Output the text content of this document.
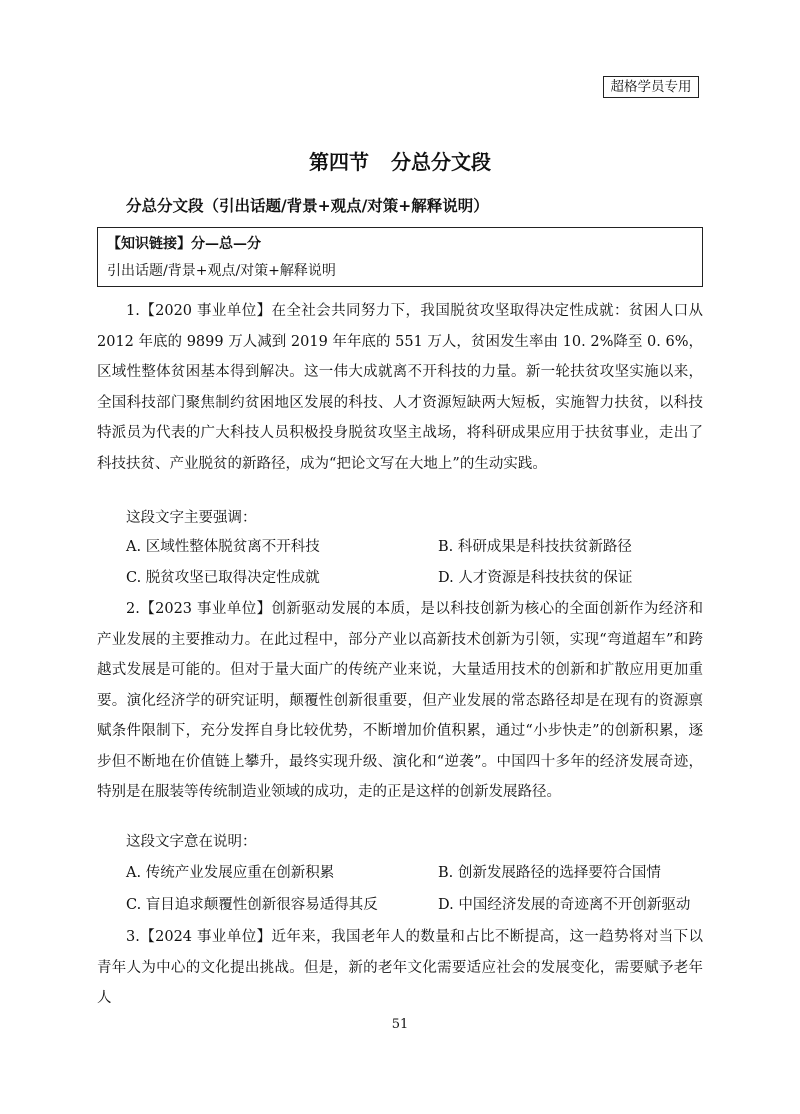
超格学员专用
第四节 分总分文段
分总分文段（引出话题/背景+观点/对策+解释说明）
【知识链接】分—总—分
引出话题/背景+观点/对策+解释说明

1.【2020 事业单位】在全社会共同努力下，我国脱贫攻坚取得决定性成就：贫困人口从 2012 年底的 9899 万人减到 2019 年年底的 551 万人，贫困发生率由 10. 2%降至 0. 6%，区域性整体贫困基本得到解决。这一伟大成就离不开科技的力量。新一轮扶贫攻坚实施以来，全国科技部门聚焦制约贫困地区发展的科技、人才资源短缺两大短板，实施智力扶贫，以科技特派员为代表的广大科技人员积极投身脱贫攻坚主战场，将科研成果应用于扶贫事业，走出了科技扶贫、产业脱贫的新路径，成为“把论文写在大地上”的生动实践。

这段文字主要强调：
A. 区域性整体脱贫离不开科技	B. 科研成果是科技扶贫新路径
C. 脱贫攻坚已取得决定性成就	D. 人才资源是科技扶贫的保证

2.【2023 事业单位】创新驱动发展的本质，是以科技创新为核心的全面创新作为经济和产业发展的主要推动力。在此过程中，部分产业以高新技术创新为引领，实现“弯道超车”和跨越式发展是可能的。但对于量大面广的传统产业来说，大量适用技术的创新和扩散应用更加重要。演化经济学的研究证明，颠覆性创新很重要，但产业发展的常态路径却是在现有的资源禀赋条件限制下，充分发挥自身比较优势，不断增加价值积累，通过“小步快走”的创新积累，逐步但不断地在价值链上攀升，最终实现升级、演化和“逆袭”。中国四十多年的经济发展奇迹，特别是在服装等传统制造业领域的成功，走的正是这样的创新发展路径。

这段文字意在说明：
A. 传统产业发展应重在创新积累	B. 创新发展路径的选择要符合国情
C. 盲目追求颠覆性创新很容易适得其反	D. 中国经济发展的奇迹离不开创新驱动

3.【2024 事业单位】近年来，我国老年人的数量和占比不断提高，这一趋势将对当下以青年人为中心的文化提出挑战。但是，新的老年文化需要适应社会的发展变化，需要赋予老年人

51
